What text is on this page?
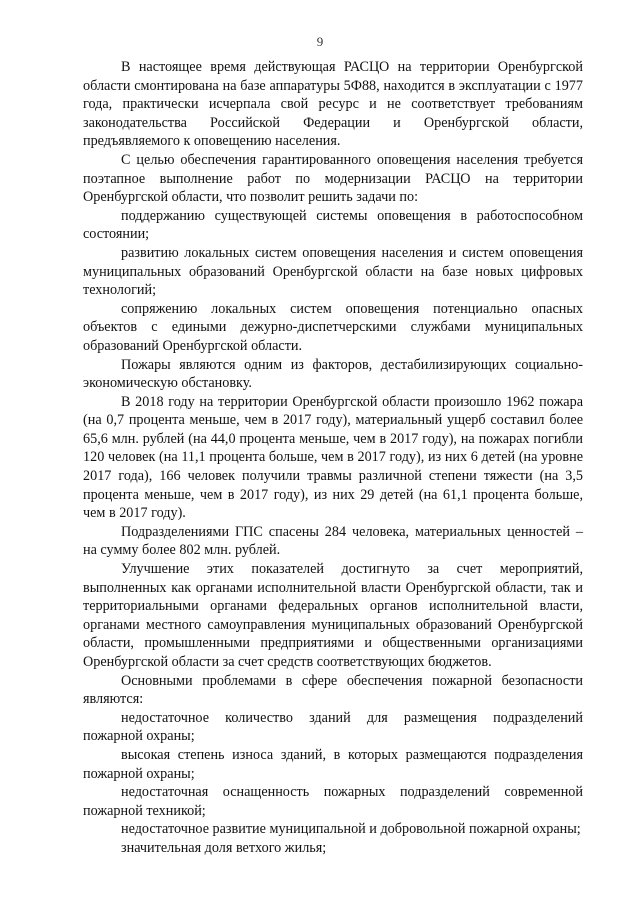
9

В настоящее время действующая РАСЦО на территории Оренбургской области смонтирована на базе аппаратуры 5Ф88, находится в эксплуатации с 1977 года, практически исчерпала свой ресурс и не соответствует требованиям законодательства Российской Федерации и Оренбургской области, предъявляемого к оповещению населения.

С целью обеспечения гарантированного оповещения населения требуется поэтапное выполнение работ по модернизации РАСЦО на территории Оренбургской области, что позволит решить задачи по:

поддержанию существующей системы оповещения в работоспособном состоянии;

развитию локальных систем оповещения населения и систем оповещения муниципальных образований Оренбургской области на базе новых цифровых технологий;

сопряжению локальных систем оповещения потенциально опасных объектов с едиными дежурно-диспетчерскими службами муниципальных образований Оренбургской области.

Пожары являются одним из факторов, дестабилизирующих социально-экономическую обстановку.

В 2018 году на территории Оренбургской области произошло 1962 пожара (на 0,7 процента меньше, чем в 2017 году), материальный ущерб составил более 65,6 млн. рублей (на 44,0 процента меньше, чем в 2017 году), на пожарах погибли 120 человек (на 11,1 процента больше, чем в 2017 году), из них 6 детей (на уровне 2017 года), 166 человек получили травмы различной степени тяжести (на 3,5 процента меньше, чем в 2017 году), из них 29 детей (на 61,1 процента больше, чем в 2017 году).

Подразделениями ГПС спасены 284 человека, материальных ценностей – на сумму более 802 млн. рублей.

Улучшение этих показателей достигнуто за счет мероприятий, выполненных как органами исполнительной власти Оренбургской области, так и территориальными органами федеральных органов исполнительной власти, органами местного самоуправления муниципальных образований Оренбургской области, промышленными предприятиями и общественными организациями Оренбургской области за счет средств соответствующих бюджетов.

Основными проблемами в сфере обеспечения пожарной безопасности являются:

недостаточное количество зданий для размещения подразделений пожарной охраны;

высокая степень износа зданий, в которых размещаются подразделения пожарной охраны;

недостаточная оснащенность пожарных подразделений современной пожарной техникой;

недостаточное развитие муниципальной и добровольной пожарной охраны;

значительная доля ветхого жилья;
